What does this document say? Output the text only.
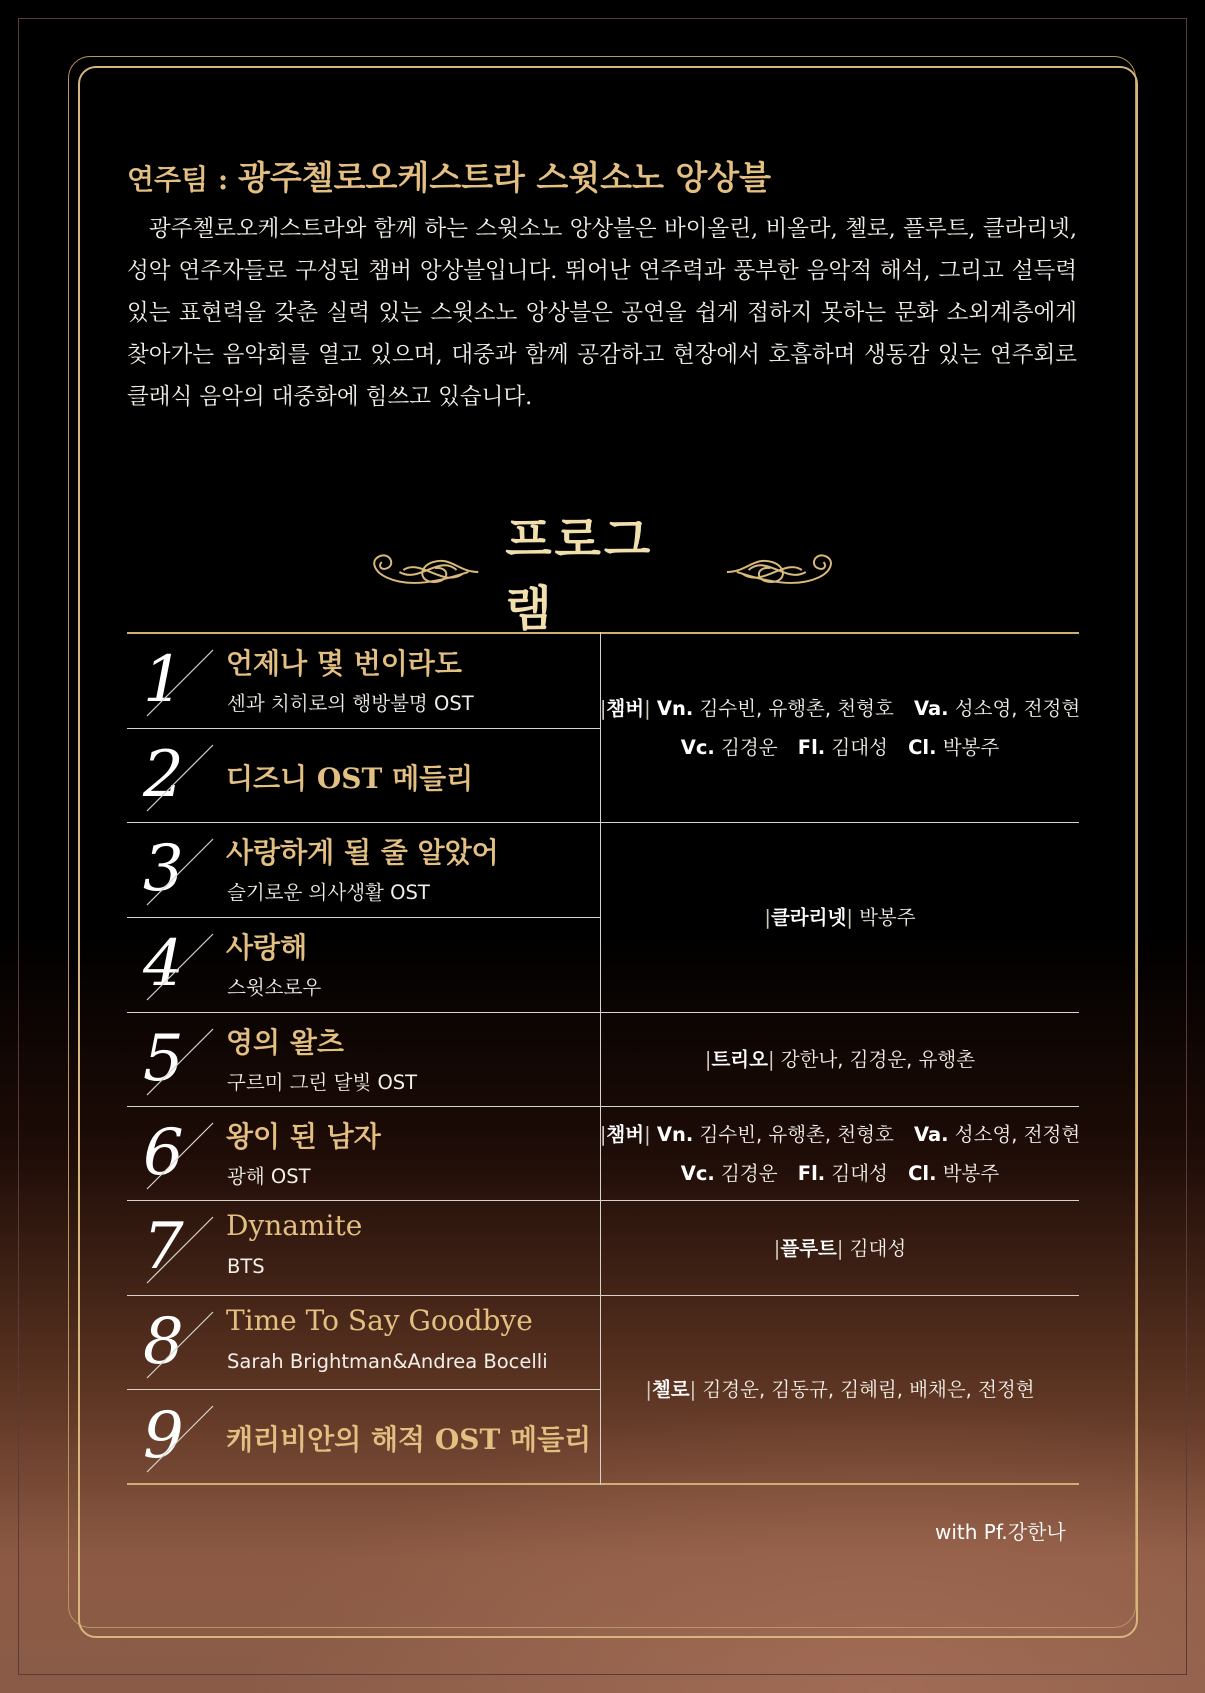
연주팀 : 광주첼로오케스트라 스윗소노 앙상블

광주첼로오케스트라와 함께 하는 스윗소노 앙상블은 바이올린, 비올라, 첼로, 플루트, 클라리넷, 성악 연주자들로 구성된 챔버 앙상블입니다. 뛰어난 연주력과 풍부한 음악적 해석, 그리고 설득력 있는 표현력을 갖춘 실력 있는 스윗소노 앙상블은 공연을 쉽게 접하지 못하는 문화 소외계층에게 찾아가는 음악회를 열고 있으며, 대중과 함께 공감하고 현장에서 호흡하며 생동감 있는 연주회로 클래식 음악의 대중화에 힘쓰고 있습니다.

프로그램
1 언제나 몇 번이라도

센과 치히로의 행방불명 OST

2 디즈니 OST 메들리

3 사랑하게 될 줄 알았어

슬기로운 의사생활 OST

4 사랑해

스윗소로우

5 영의 왈츠

구르미 그린 달빛 OST

6 왕이 된 남자

광해 OST

7 Dynamite

BTS

8 Time To Say Goodbye

Sarah Brightman&Andrea Bocelli

9 캐리비안의 해적 OST 메들리

|챔버| Vn. 김수빈, 유행촌, 천형호 Va. 성소영, 전정현
Vc. 김경운 Fl. 김대성 Cl. 박봉주
|클라리넷| 박봉주
|트리오| 강한나, 김경운, 유행촌
|챔버| Vn. 김수빈, 유행촌, 천형호 Va. 성소영, 전정현
Vc. 김경운 Fl. 김대성 Cl. 박봉주
|플루트| 김대성
|첼로| 김경운, 김동규, 김혜림, 배채은, 전정현
with Pf.강한나
